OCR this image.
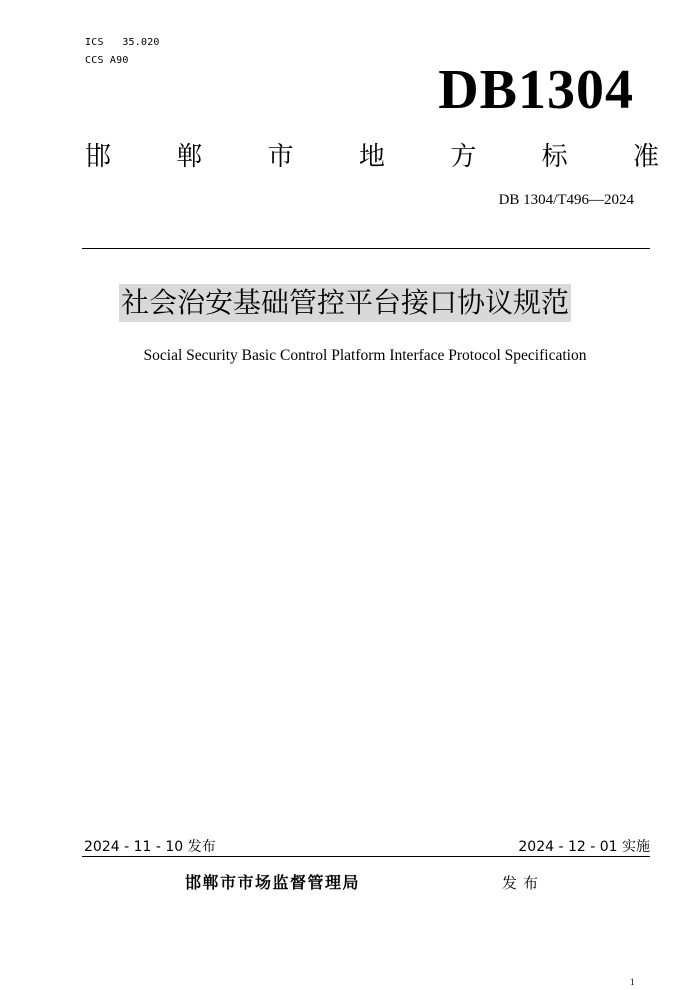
ICS   35.020
CCS A90	DB1304
邯	郸	市	地	方	标	准
DB 1304/T496—2024
社会治安基础管控平台接口协议规范
Social Security Basic Control Platform Interface Protocol Specification
2024 - 11 - 10 发布	2024 - 12 - 01 实施
邯郸市市场监督管理局	发布
1
